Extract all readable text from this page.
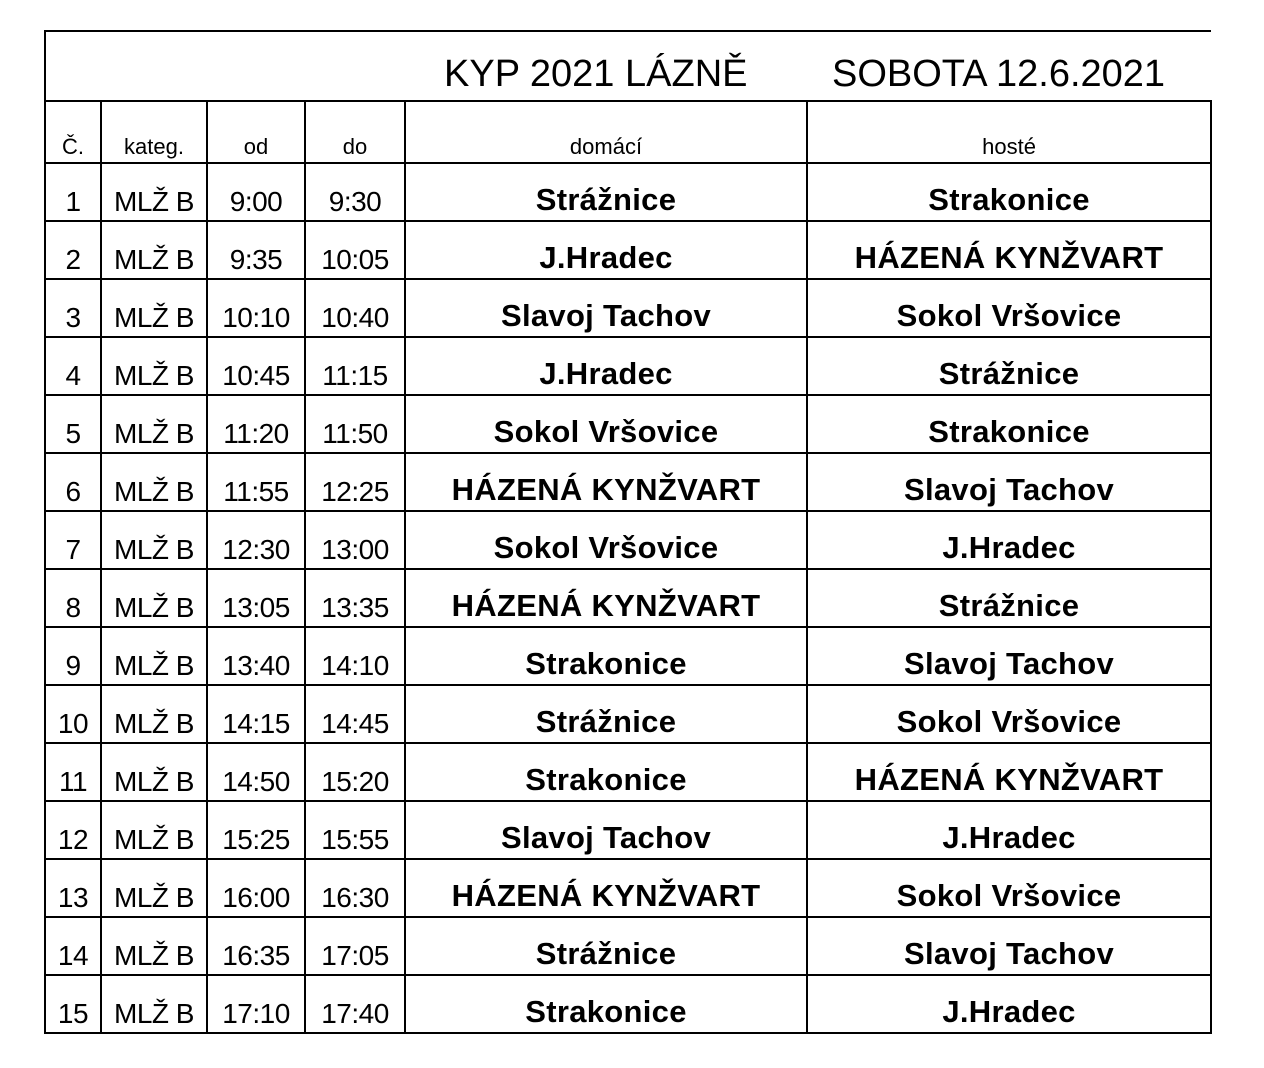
KYP 2021 LÁZNĚ SOBOTA 12.6.2021					

Č.	kateg.	od	do	domácí	hosté
1	MLŽ B	9:00	9:30	Strážnice	Strakonice
2	MLŽ B	9:35	10:05	J.Hradec	HÁZENÁ KYNŽVART
3	MLŽ B	10:10	10:40	Slavoj Tachov	Sokol Vršovice
4	MLŽ B	10:45	11:15	J.Hradec	Strážnice
5	MLŽ B	11:20	11:50	Sokol Vršovice	Strakonice
6	MLŽ B	11:55	12:25	HÁZENÁ KYNŽVART	Slavoj Tachov
7	MLŽ B	12:30	13:00	Sokol Vršovice	J.Hradec
8	MLŽ B	13:05	13:35	HÁZENÁ KYNŽVART	Strážnice
9	MLŽ B	13:40	14:10	Strakonice	Slavoj Tachov
10	MLŽ B	14:15	14:45	Strážnice	Sokol Vršovice
11	MLŽ B	14:50	15:20	Strakonice	HÁZENÁ KYNŽVART
12	MLŽ B	15:25	15:55	Slavoj Tachov	J.Hradec
13	MLŽ B	16:00	16:30	HÁZENÁ KYNŽVART	Sokol Vršovice
14	MLŽ B	16:35	17:05	Strážnice	Slavoj Tachov
15	MLŽ B	17:10	17:40	Strakonice	J.Hradec
